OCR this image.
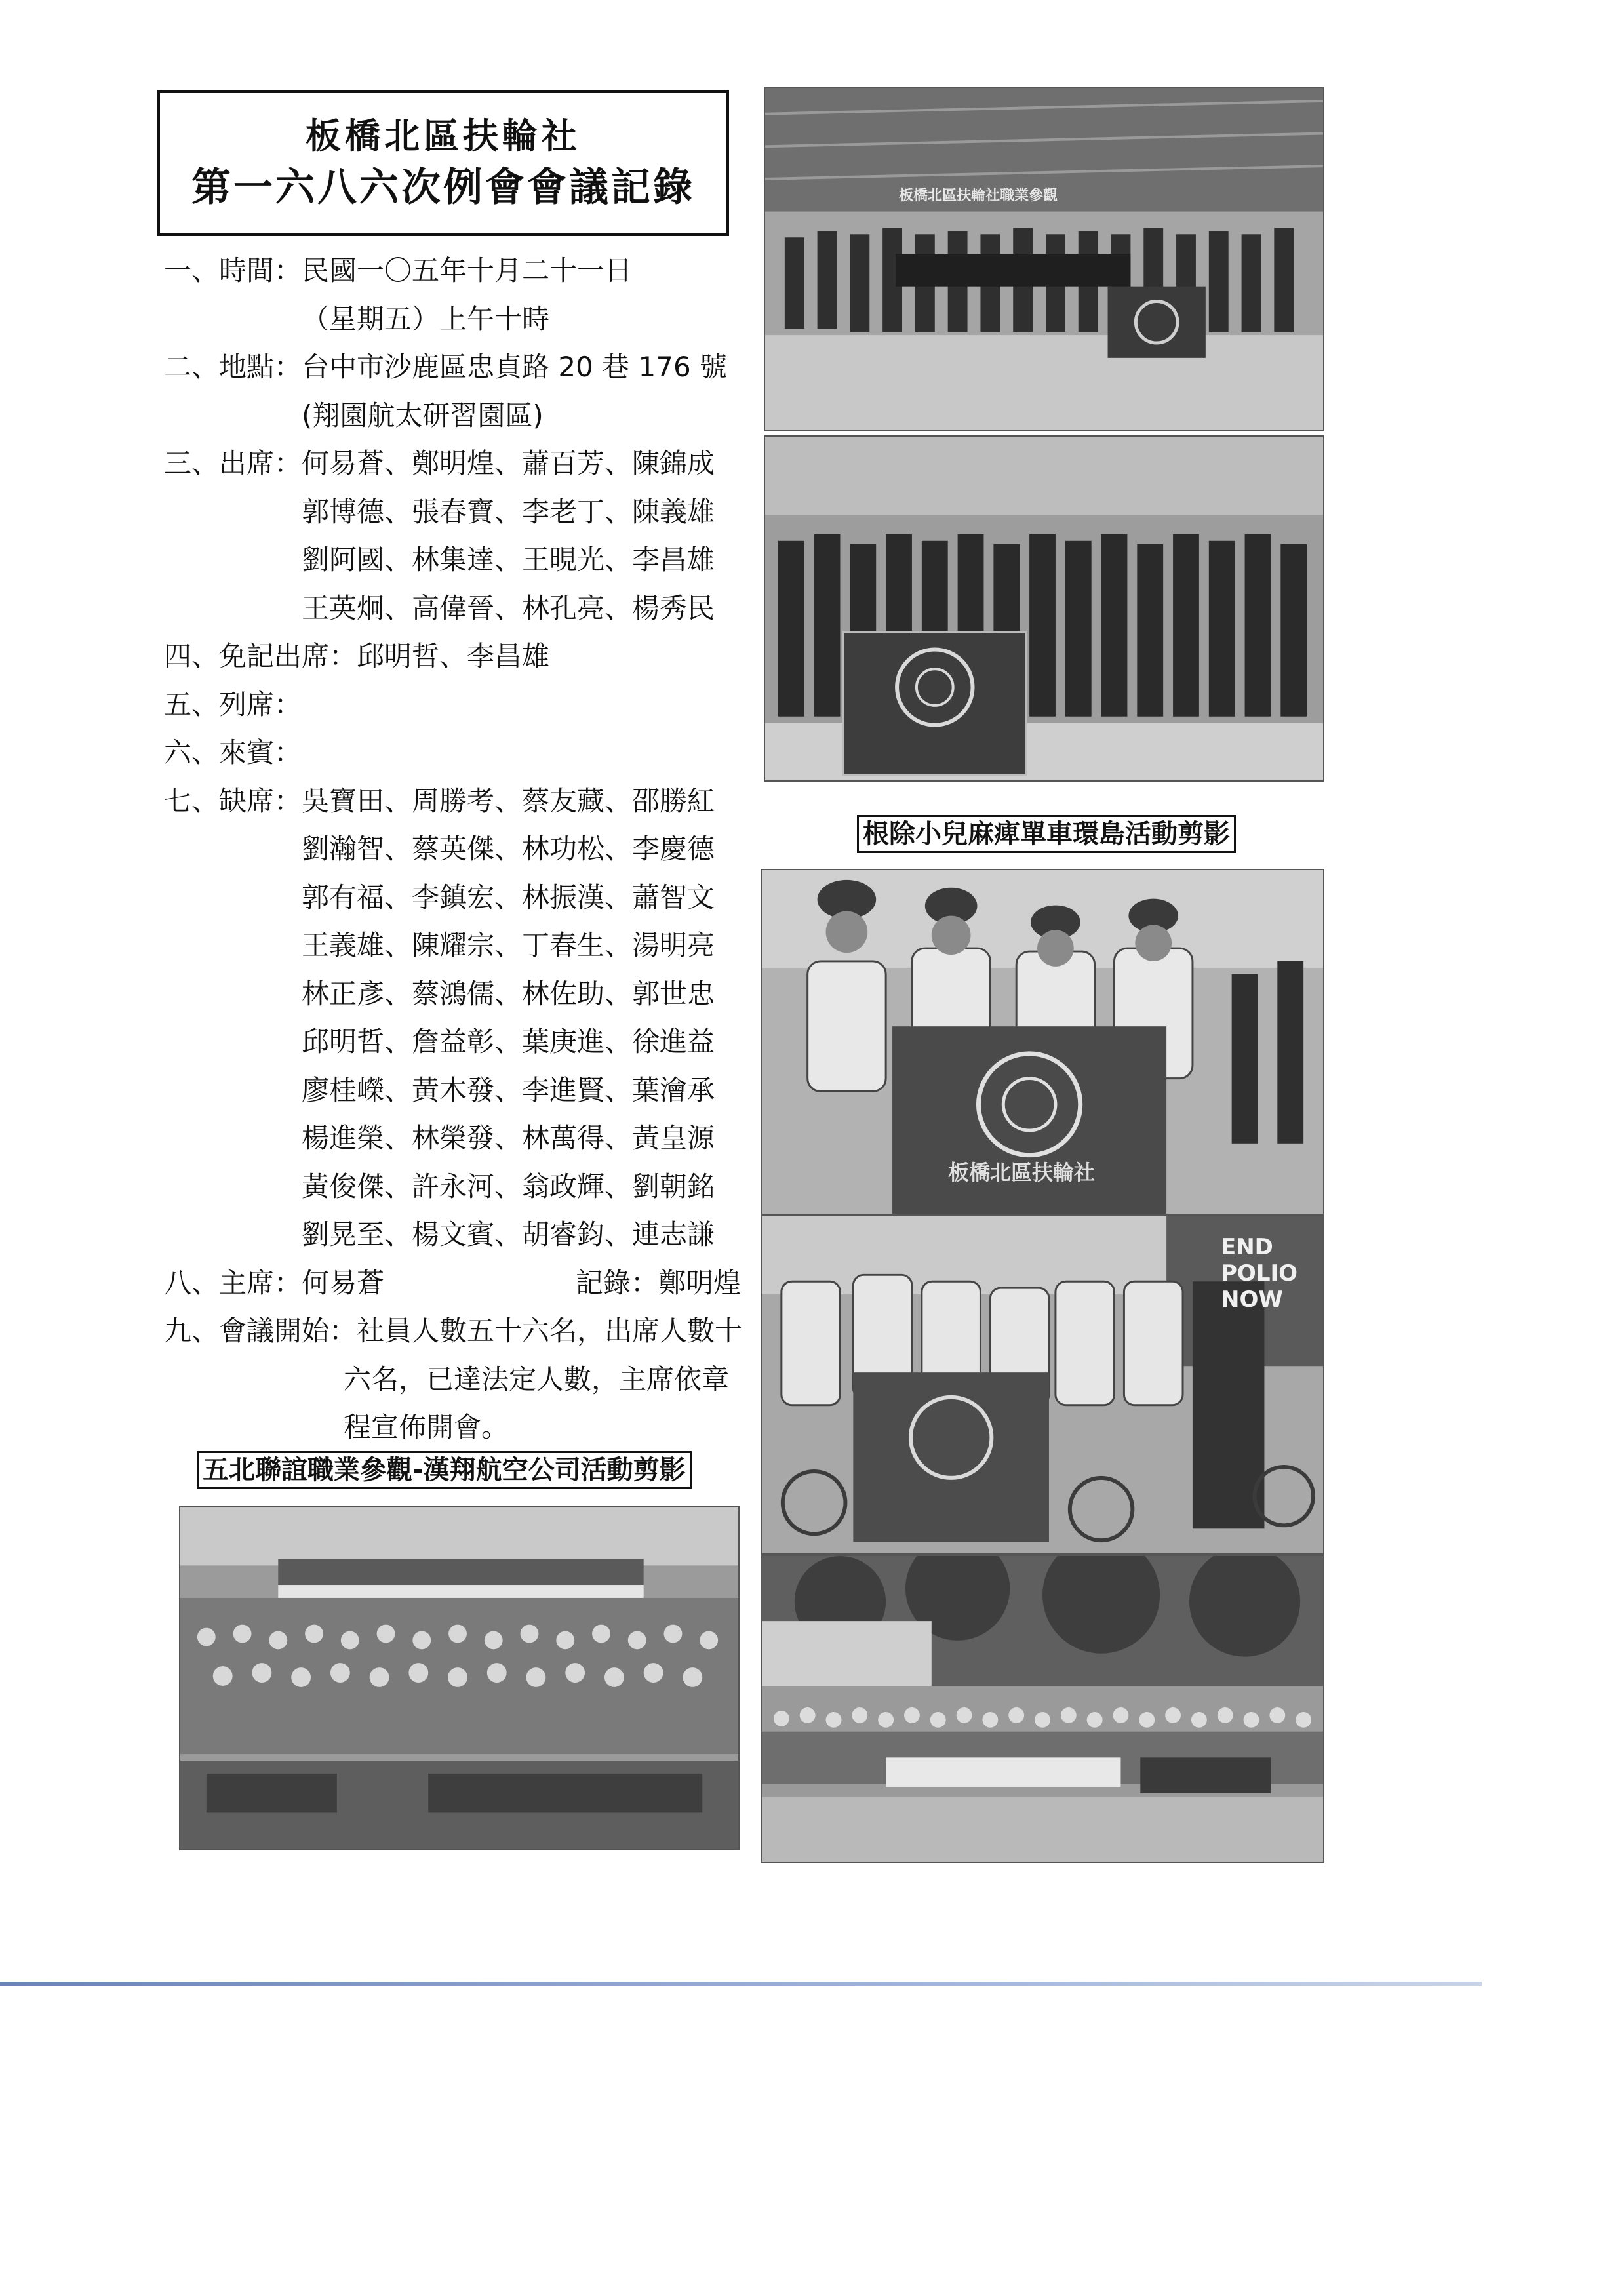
板橋北區扶輪社
第一六八六次例會會議記錄
一、時間： 民國一〇五年十月二十一日
（星期五）上午十時
二、地點： 台中市沙鹿區忠貞路 20 巷 176 號
(翔園航太研習園區)
三、出席： 何易蒼、鄭明煌、蕭百芳、陳錦成
郭博德、張春寶、李老丁、陳義雄
劉阿國、林集達、王晛光、李昌雄
王英炯、高偉晉、林孔亮、楊秀民
四、免記出席： 邱明哲、李昌雄
五、列席：
六、來賓：
七、缺席： 吳寶田、周勝考、蔡友藏、邵勝紅
劉瀚智、蔡英傑、林功松、李慶德
郭有福、李鎮宏、林振漢、蕭智文
王義雄、陳耀宗、丁春生、湯明亮
林正彥、蔡鴻儒、林佐助、郭世忠
邱明哲、詹益彰、葉庚進、徐進益
廖桂嶸、黃木發、李進賢、葉澮承
楊進榮、林榮發、林萬得、黃皇源
黃俊傑、許永河、翁政輝、劉朝銘
劉晃至、楊文賓、胡睿鈞、連志謙
八、主席： 何易蒼	記錄：鄭明煌
九、會議開始： 社員人數五十六名，出席人數十
六名，已達法定人數，主席依章
程宣佈開會。
五北聯誼職業參觀-漢翔航空公司活動剪影
板橋北區扶輪社職業參觀
根除小兒麻痺單車環島活動剪影
板橋北區扶輪社
END POLIO NOW
